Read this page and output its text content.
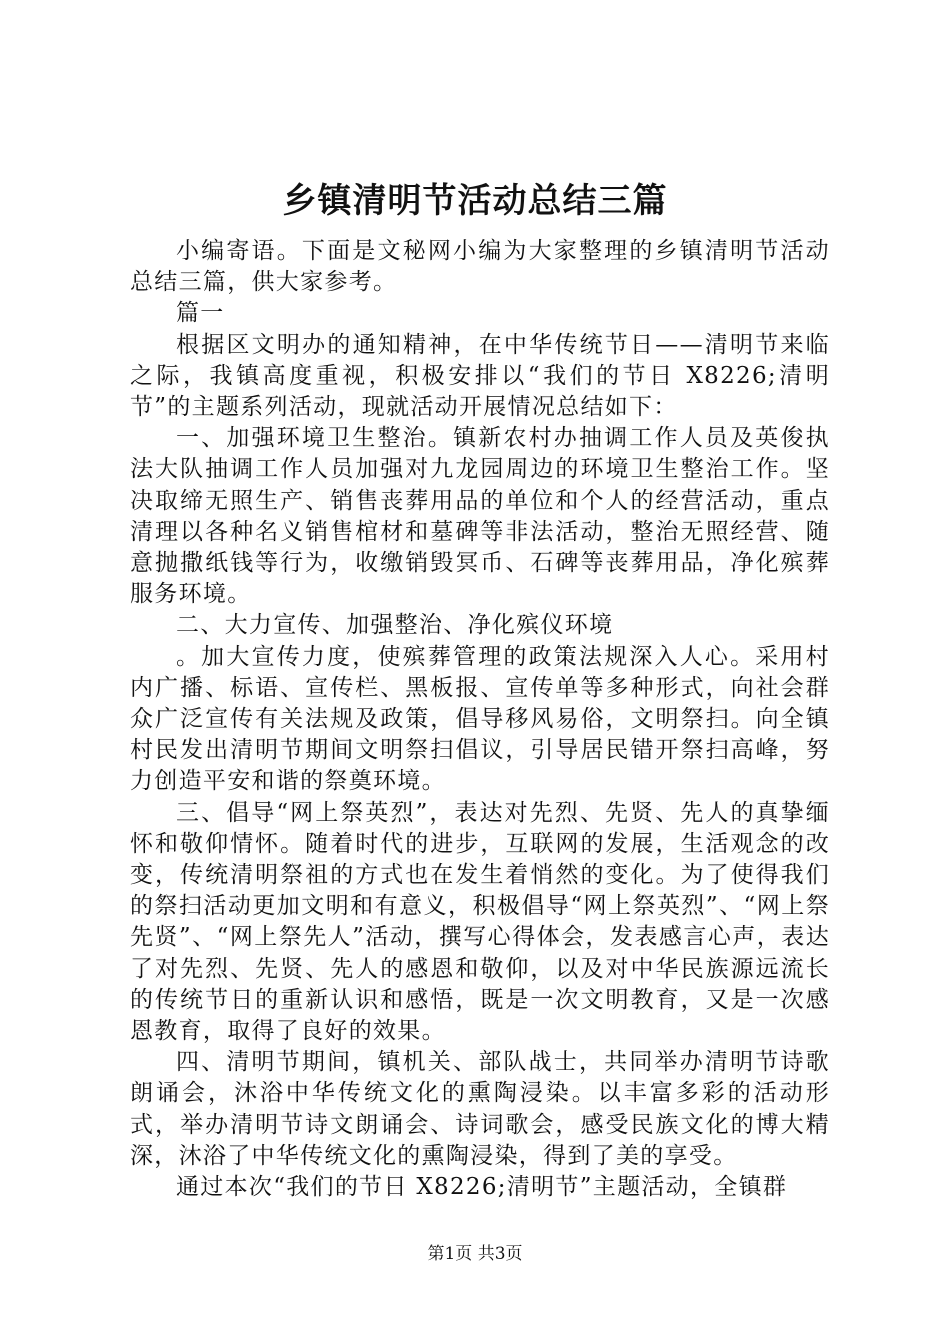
乡镇清明节活动总结三篇

小编寄语。下面是文秘网小编为大家整理的乡镇清明节活动总结三篇，供大家参考。

篇一

根据区文明办的通知精神，在中华传统节日——清明节来临之际，我镇高度重视，积极安排以“我们的节日 X8226;清明节”的主题系列活动，现就活动开展情况总结如下：

一、加强环境卫生整治。镇新农村办抽调工作人员及英俊执法大队抽调工作人员加强对九龙园周边的环境卫生整治工作。坚决取缔无照生产、销售丧葬用品的单位和个人的经营活动，重点清理以各种名义销售棺材和墓碑等非法活动，整治无照经营、随意抛撒纸钱等行为，收缴销毁冥币、石碑等丧葬用品，净化殡葬服务环境。

二、大力宣传、加强整治、净化殡仪环境

。加大宣传力度，使殡葬管理的政策法规深入人心。采用村内广播、标语、宣传栏、黑板报、宣传单等多种形式，向社会群众广泛宣传有关法规及政策，倡导移风易俗，文明祭扫。向全镇村民发出清明节期间文明祭扫倡议，引导居民错开祭扫高峰，努力创造平安和谐的祭奠环境。

三、倡导“网上祭英烈”，表达对先烈、先贤、先人的真挚缅怀和敬仰情怀。随着时代的进步，互联网的发展，生活观念的改变，传统清明祭祖的方式也在发生着悄然的变化。为了使得我们的祭扫活动更加文明和有意义，积极倡导“网上祭英烈”、“网上祭先贤”、“网上祭先人”活动，撰写心得体会，发表感言心声，表达了对先烈、先贤、先人的感恩和敬仰，以及对中华民族源远流长的传统节日的重新认识和感悟，既是一次文明教育，又是一次感恩教育，取得了良好的效果。

四、清明节期间，镇机关、部队战士，共同举办清明节诗歌朗诵会，沐浴中华传统文化的熏陶浸染。以丰富多彩的活动形式，举办清明节诗文朗诵会、诗词歌会，感受民族文化的博大精深，沐浴了中华传统文化的熏陶浸染，得到了美的享受。

通过本次“我们的节日 X8226;清明节”主题活动，全镇群

第1页 共3页
